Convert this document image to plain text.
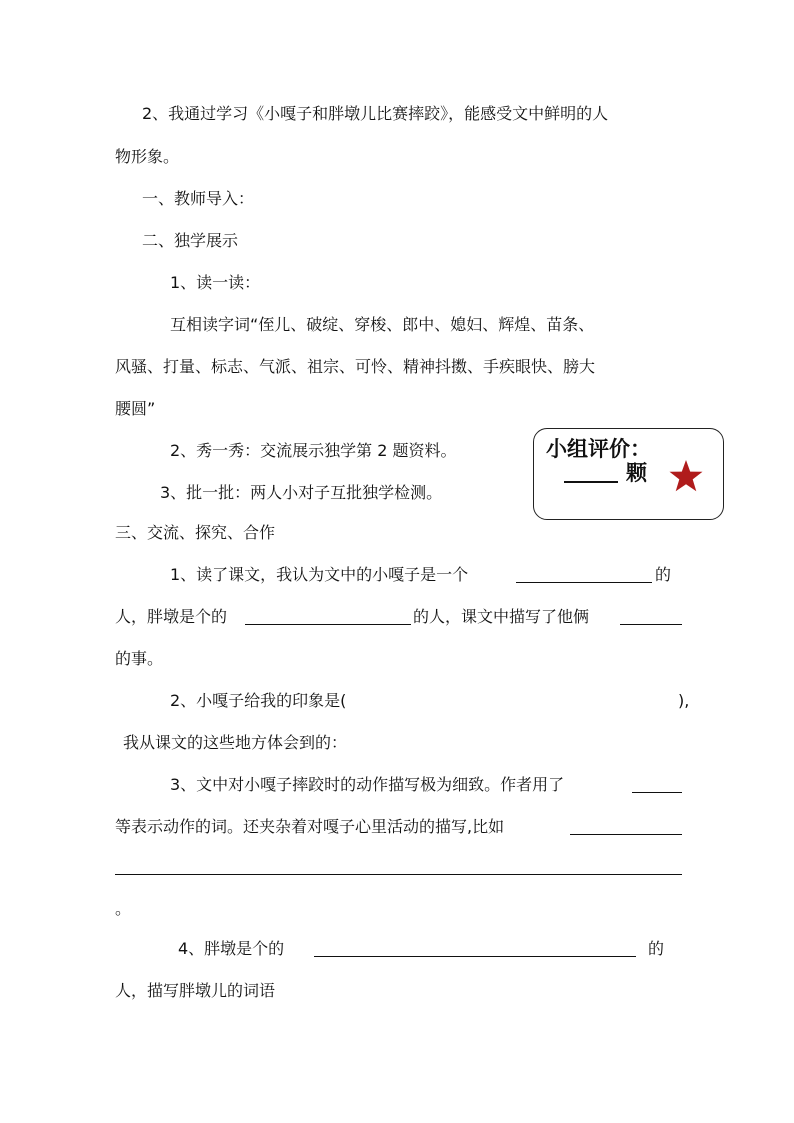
2、我通过学习《小嘎子和胖墩儿比赛摔跤》，能感受文中鲜明的人
物形象。
一、教师导入：
二、独学展示
1、读一读：
互相读字词“侄儿、破绽、穿梭、郎中、媳妇、辉煌、苗条、
风骚、打量、标志、气派、祖宗、可怜、精神抖擞、手疾眼快、膀大
腰圆”
2、秀一秀：交流展示独学第 2 题资料。
3、批一批：两人小对子互批独学检测。
小组评价：
颗
三、交流、探究、合作
1、读了课文，我认为文中的小嘎子是一个	的
人，胖墩是个的	的人，课文中描写了他俩
的事。
2、小嘎子给我的印象是(	),
我从课文的这些地方体会到的：
3、文中对小嘎子摔跤时的动作描写极为细致。作者用了
等表示动作的词。还夹杂着对嘎子心里活动的描写,比如
。
4、胖墩是个的	的
人，描写胖墩儿的词语
